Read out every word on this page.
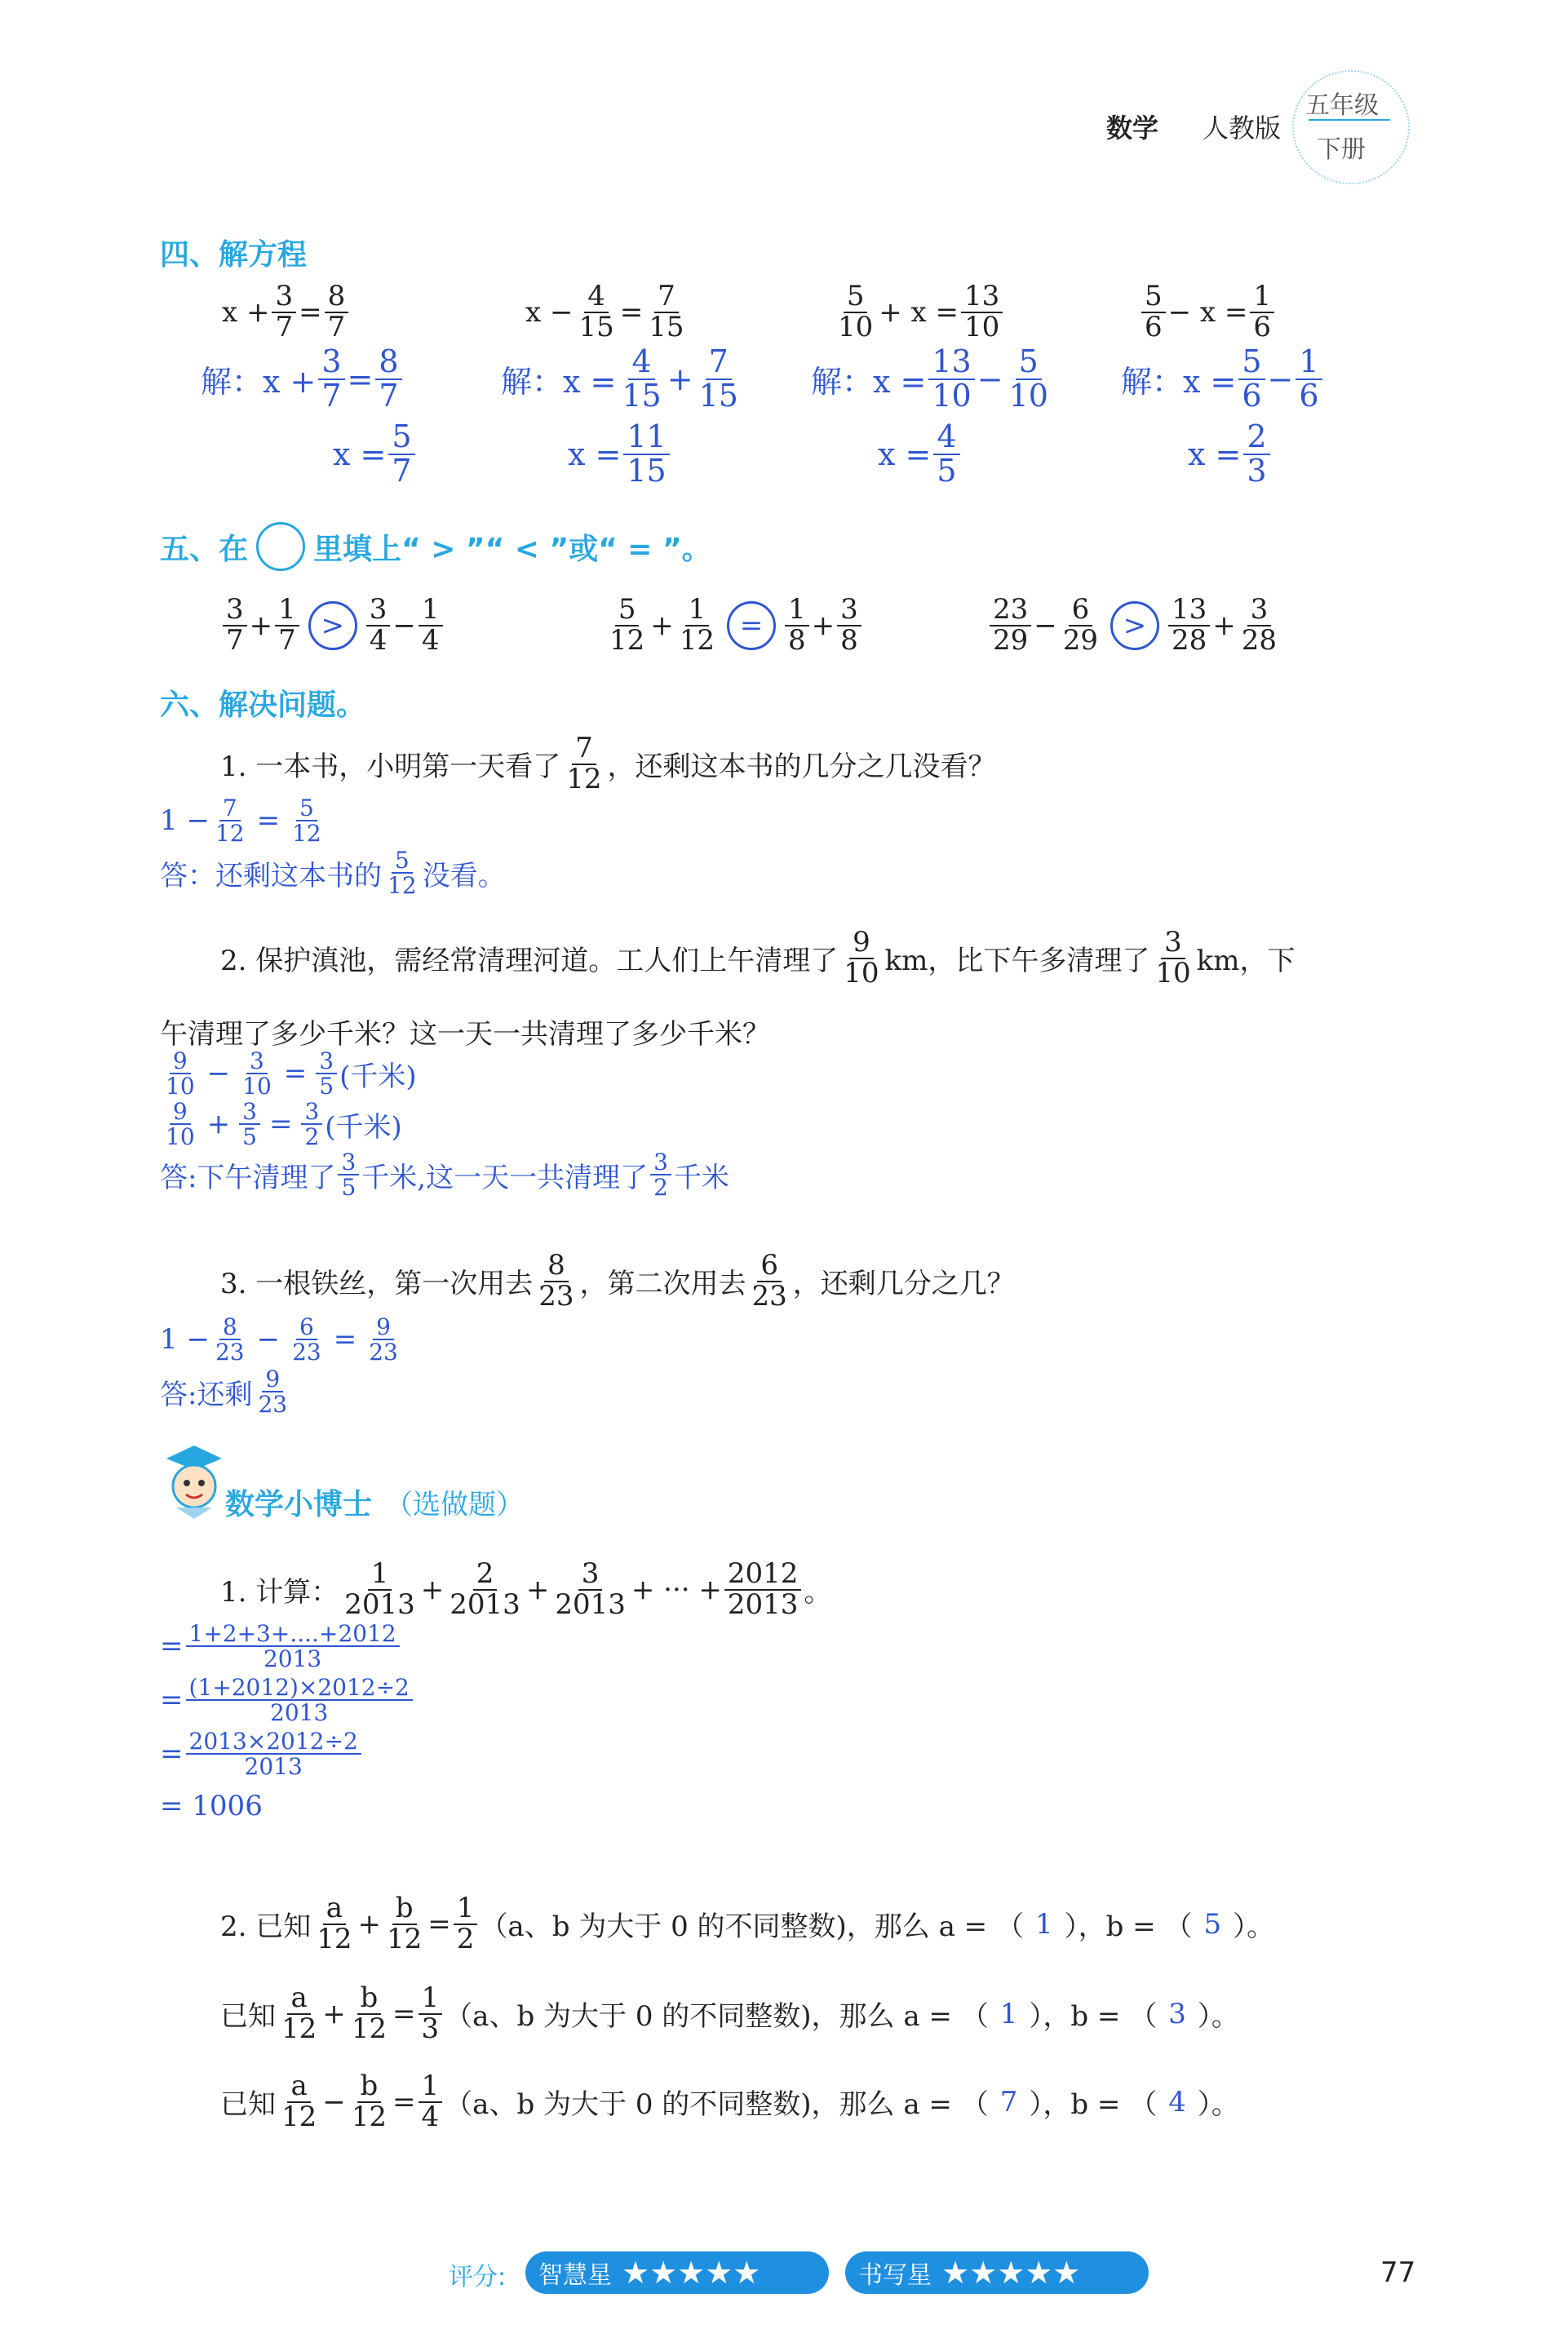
数学 人教版
五年级
下册
四、解方程
$x + \frac{3}{7} = \frac{8}{7}$
解：$x + \frac{3}{7} = \frac{8}{7}$
$x = \frac{5}{7}$
$x - \frac{4}{15} = \frac{7}{15}$
解：$x = \frac{4}{15} + \frac{7}{15}$
$x = \frac{11}{15}$
$\frac{5}{10} + x = \frac{13}{10}$
解：$x = \frac{13}{10} - \frac{5}{10}$
$x = \frac{4}{5}$
$\frac{5}{6} - x = \frac{1}{6}$
解：$x = \frac{5}{6} - \frac{1}{6}$
$x = \frac{2}{3}$
五、在 里填上“ > ”“ < ”或“ = ”。
$\frac{3}{7} + \frac{1}{7} > \frac{3}{4} - \frac{1}{4}$	$\frac{5}{12} + \frac{1}{12} = \frac{1}{8} + \frac{3}{8}$	$\frac{23}{29} - \frac{6}{29} > \frac{13}{28} + \frac{3}{28}$
六、解决问题。
1. 一本书，小明第一天看了 $\frac{7}{12}$ ，还剩这本书的几分之几没看？
$1 - \frac{7}{12} = \frac{5}{12}$
答：还剩这本书的 $\frac{5}{12}$ 没看。
2. 保护滇池，需经常清理河道。工人们上午清理了 $\frac{9}{10}$ km，比下午多清理了 $\frac{3}{10}$ km，下
午清理了多少千米？这一天一共清理了多少千米？
$\frac{9}{10} - \frac{3}{10} = \frac{3}{5}$ (千米)
$\frac{9}{10} + \frac{3}{5} = \frac{3}{2}$ (千米)
答:下午清理了 $\frac{3}{5}$ 千米,这一天一共清理了 $\frac{3}{2}$ 千米
3. 一根铁丝，第一次用去 $\frac{8}{23}$ ，第二次用去 $\frac{6}{23}$ ，还剩几分之几？
$1 - \frac{8}{23} - \frac{6}{23} = \frac{9}{23}$
答:还剩 $\frac{9}{23}$
数学小博士 （选做题）
1. 计算： $\frac{1}{2013} + \frac{2}{2013} + \frac{3}{2013}$ + ··· + $\frac{2012}{2013}$ 。
= $\frac{1+2+3+....+2012}{2013}$
= $\frac{(1+2012)\times 2012\div 2}{2013}$
= $\frac{2013\times 2012\div 2}{2013}$
= 1006
2. 已知 $\frac{a}{12} + \frac{b}{12} = \frac{1}{2} (a$、b 为大于 0 的不同整数)，那么 a = （ 1 ），b = （ 5 ）。
已知 $\frac{a}{12} + \frac{b}{12} = \frac{1}{3} (a$、b 为大于 0 的不同整数)，那么 a = （ 1 ），b = （ 3 ）。
已知 $\frac{a}{12} - \frac{b}{12} = \frac{1}{4} (a$、b 为大于 0 的不同整数)，那么 a = （ 7 ），b = （ 4 ）。
评分: 智慧星 ★★★★★	书写星 ★★★★★	77
